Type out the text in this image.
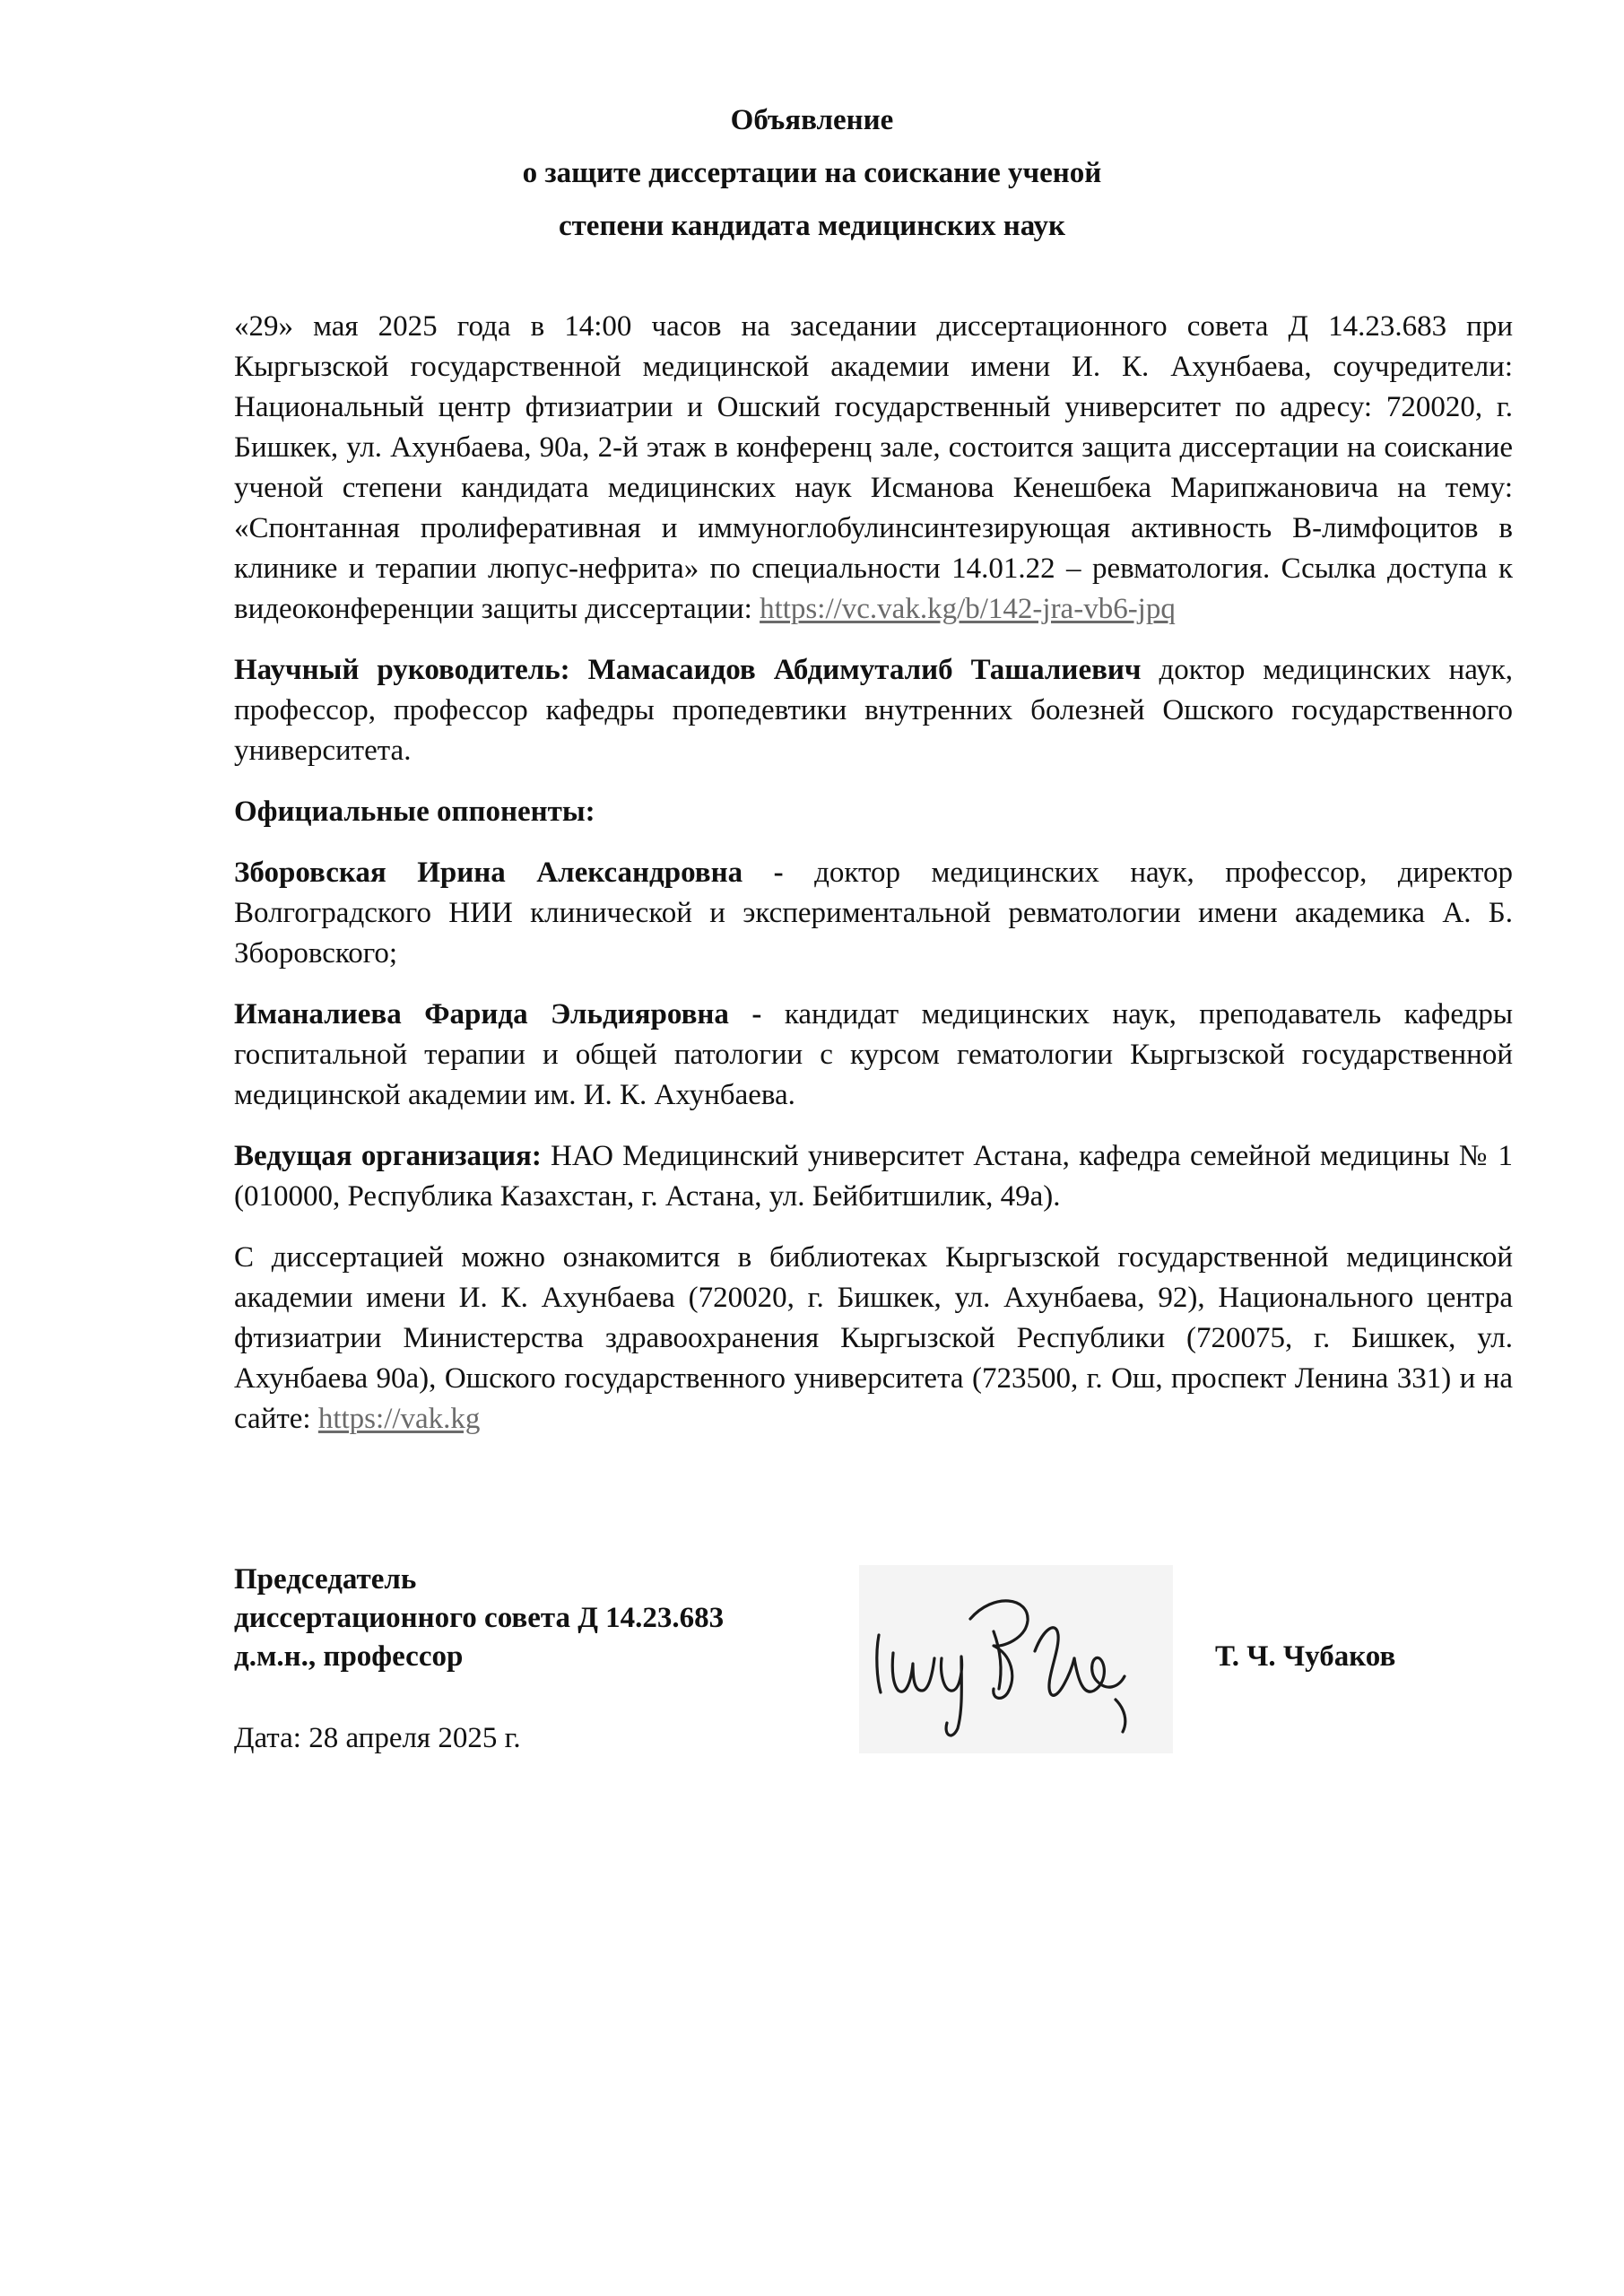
Объявление
о защите диссертации на соискание ученой
степени кандидата медицинских наук

«29» мая 2025 года в 14:00 часов на заседании диссертационного совета Д 14.23.683 при Кыргызской государственной медицинской академии имени И. К. Ахунбаева, соучредители: Национальный центр фтизиатрии и Ошский государственный университет по адресу: 720020, г. Бишкек, ул. Ахунбаева, 90а, 2-й этаж в конференц зале, состоится защита диссертации на соискание ученой степени кандидата медицинских наук Исманова Кенешбека Марипжановича на тему: «Спонтанная пролиферативная и иммуноглобулинсинтезирующая активность В-лимфоцитов в клинике и терапии люпус-нефрита» по специальности 14.01.22 – ревматология. Ссылка доступа к видеоконференции защиты диссертации: https://vc.vak.kg/b/142-jra-vb6-jpq

Научный руководитель: Мамасаидов Абдимуталиб Ташалиевич доктор медицинских наук, профессор, профессор кафедры пропедевтики внутренних болезней Ошского государственного университета.

Официальные оппоненты:

Зборовская Ирина Александровна - доктор медицинских наук, профессор, директор Волгоградского НИИ клинической и экспериментальной ревматологии имени академика А. Б. Зборовского;

Иманалиева Фарида Эльдияровна - кандидат медицинских наук, преподаватель кафедры госпитальной терапии и общей патологии с курсом гематологии Кыргызской государственной медицинской академии им. И. К. Ахунбаева.

Ведущая организация: НАО Медицинский университет Астана, кафедра семейной медицины № 1 (010000, Республика Казахстан, г. Астана, ул. Бейбитшилик, 49а).

С диссертацией можно ознакомится в библиотеках Кыргызской государственной медицинской академии имени И. К. Ахунбаева (720020, г. Бишкек, ул. Ахунбаева, 92), Национального центра фтизиатрии Министерства здравоохранения Кыргызской Республики (720075, г. Бишкек, ул. Ахунбаева 90а), Ошского государственного университета (723500, г. Ош, проспект Ленина 331) и на сайте: https://vak.kg

Председатель
диссертационного совета Д 14.23.683
д.м.н., профессор	Т. Ч. Чубаков
Дата: 28 апреля 2025 г.
